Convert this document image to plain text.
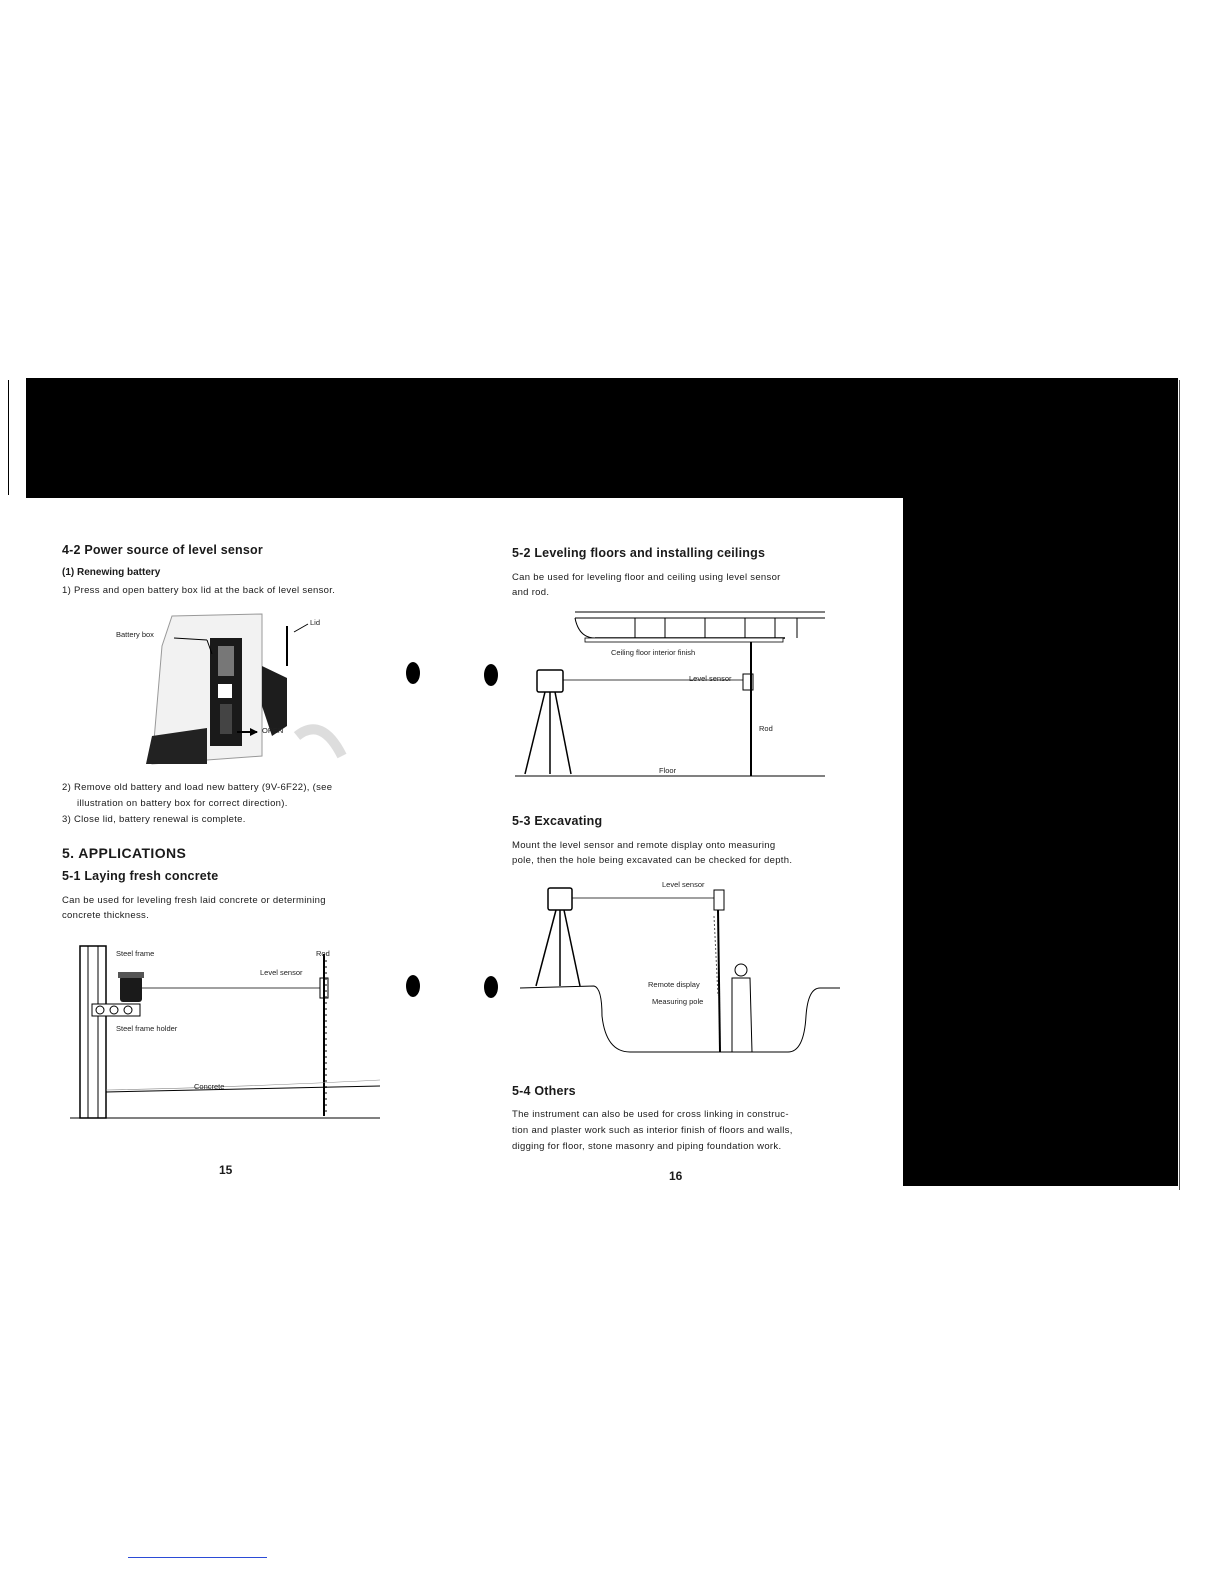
4-2 Power source of level sensor
(1) Renewing battery

1) Press and open battery box lid at the back of level sensor.

Battery box
Lid
OPEN

2) Remove old battery and load new battery (9V-6F22), (see

illustration on battery box for correct direction).

3) Close lid, battery renewal is complete.

5. APPLICATIONS
5-1 Laying fresh concrete

Can be used for leveling fresh laid concrete or determining

concrete thickness.

Steel frame	Rod
Level sensor
Steel frame holder
Concrete
15
5-2 Leveling floors and installing ceilings

Can be used for leveling floor and ceiling using level sensor

and rod.

Ceiling floor interior finish
Level sensor
Rod
Floor
5-3 Excavating

Mount the level sensor and remote display onto measuring

pole, then the hole being excavated can be checked for depth.

Level sensor
Remote display
Measuring pole
5-4 Others

The instrument can also be used for cross linking in construc-

tion and plaster work such as interior finish of floors and walls,

digging for floor, stone masonry and piping foundation work.

16
